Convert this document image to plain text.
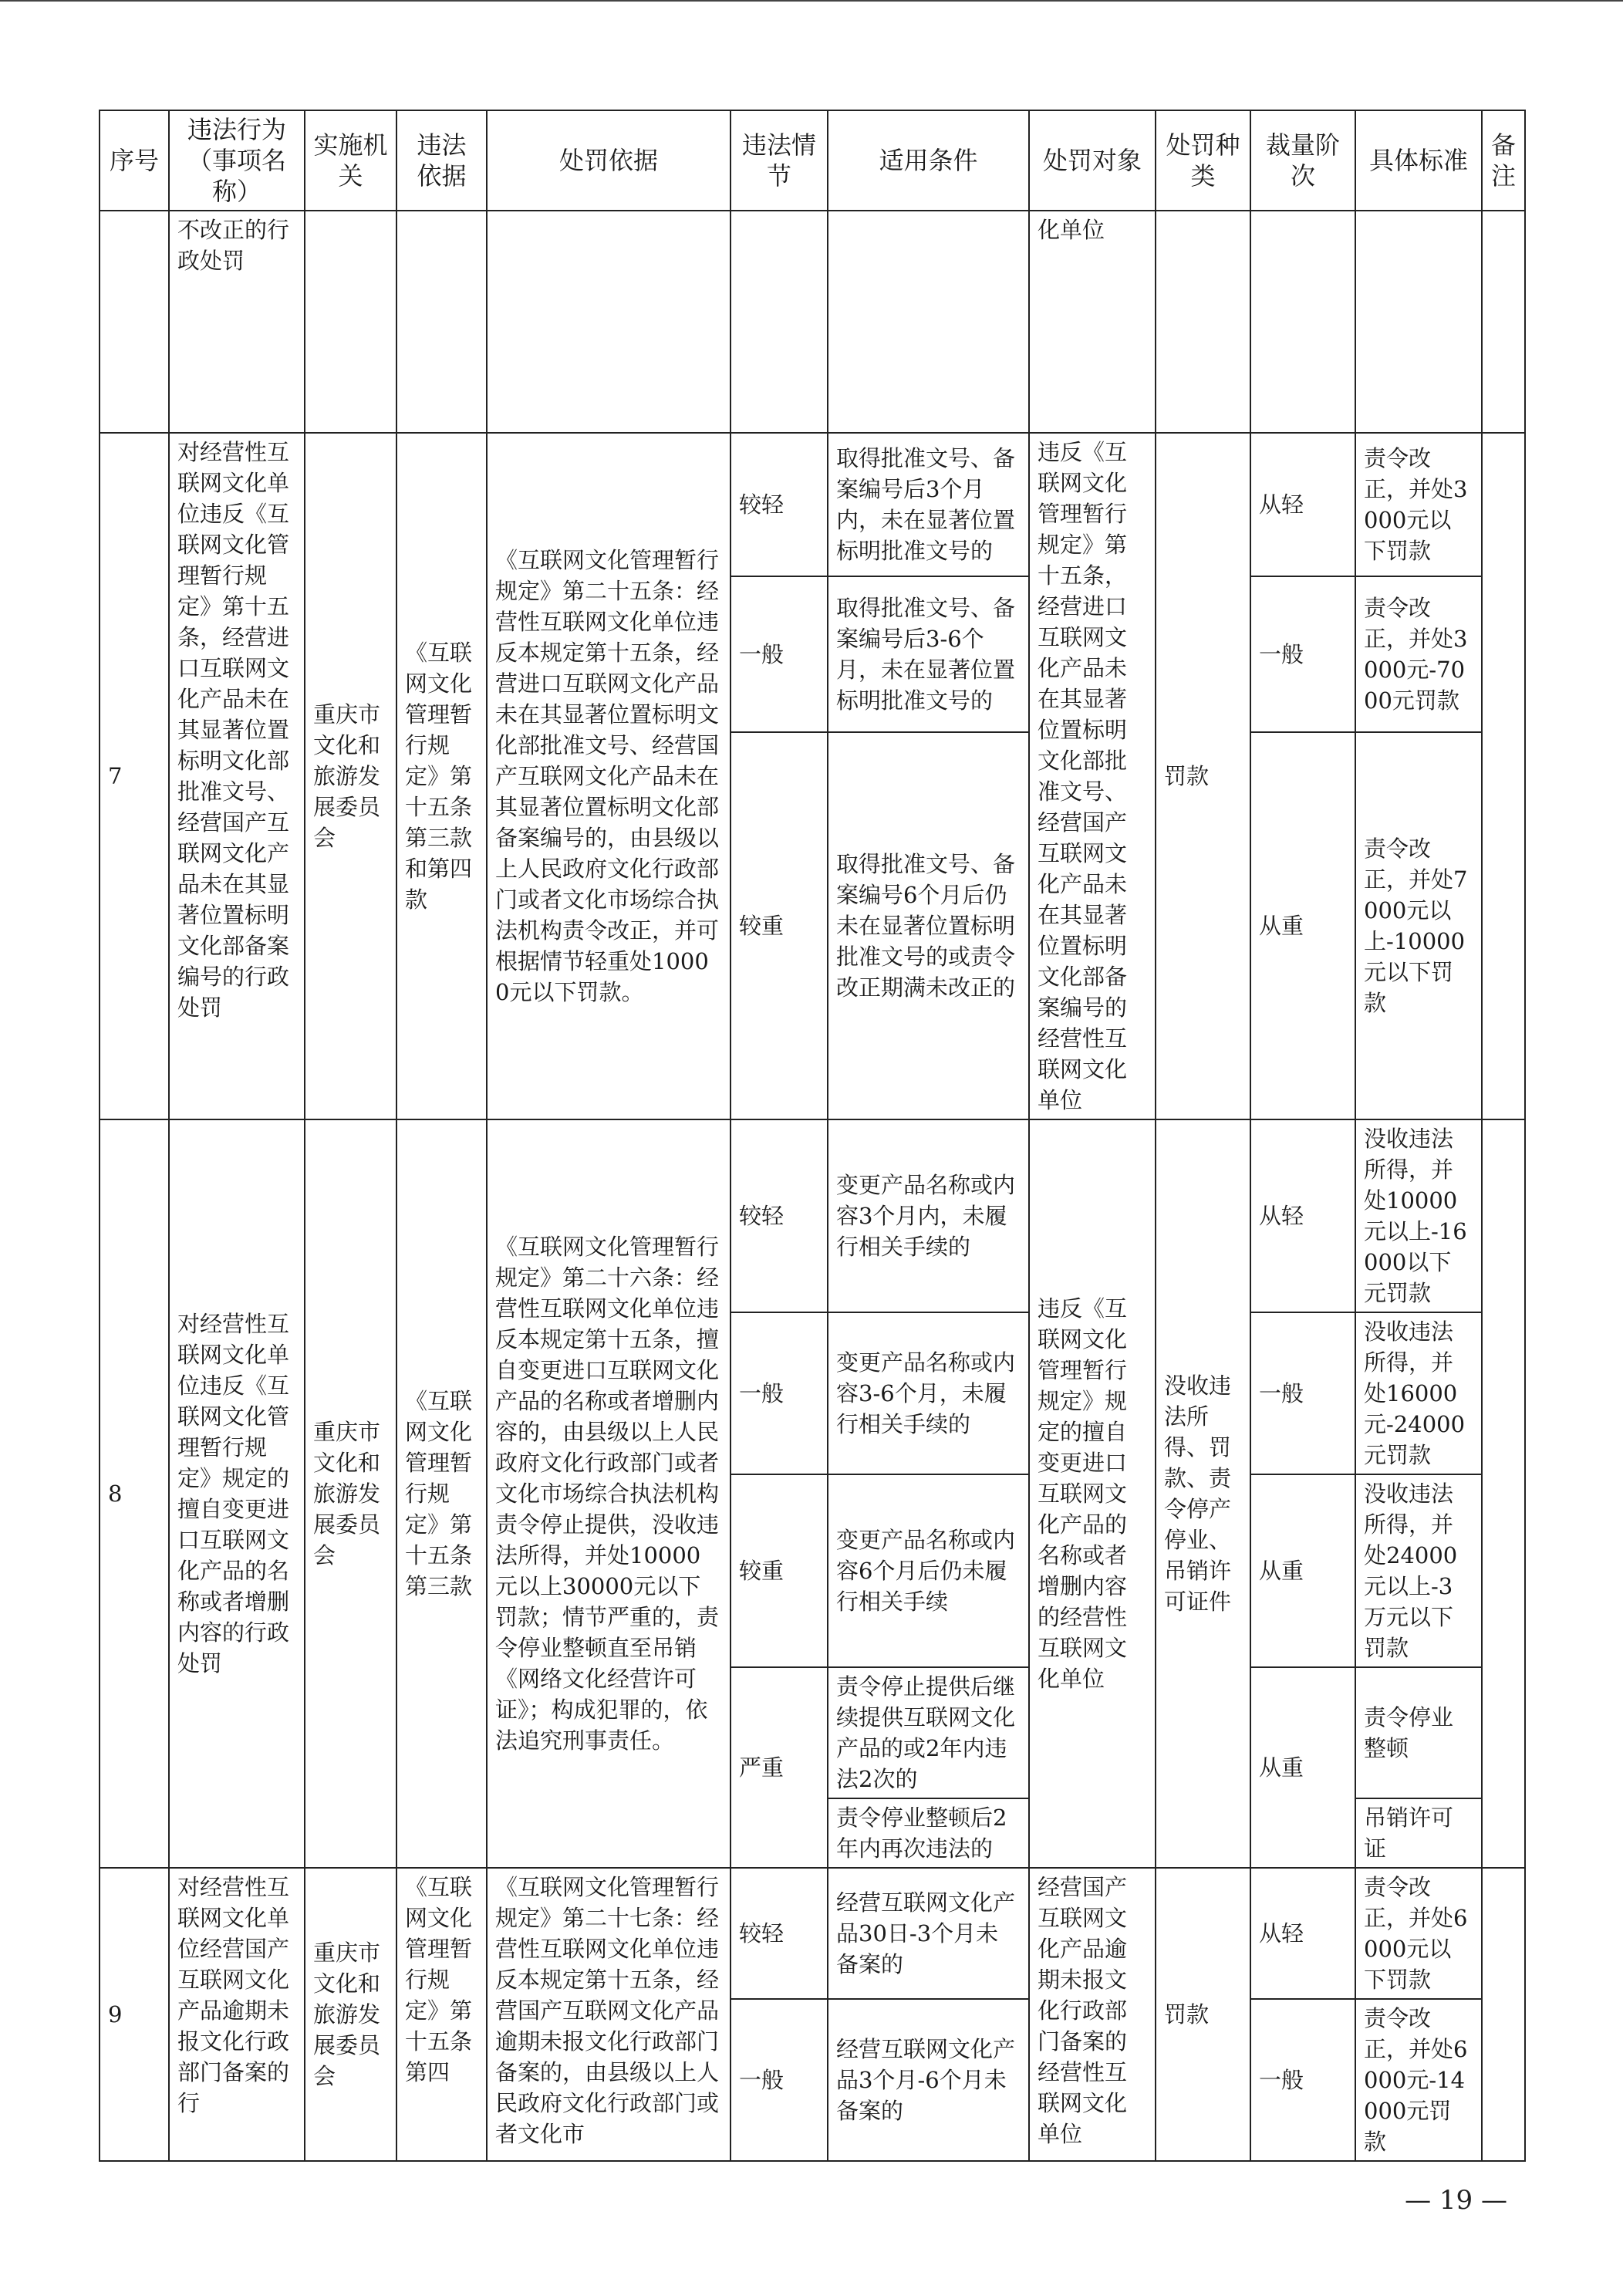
序号	违法行为（事项名称）	实施机关	违法依据	处罚依据	违法情节	适用条件	处罚对象	处罚种类	裁量阶次	具体标准	备注
	不改正的行政处罚						化单位				
7	对经营性互联网文化单位违反《互联网文化管理暂行规定》第十五条，经营进口互联网文化产品未在其显著位置标明文化部批准文号、经营国产互联网文化产品未在其显著位置标明文化部备案编号的行政处罚	重庆市文化和旅游发展委员会	《互联网文化管理暂行规定》第十五条第三款和第四款	《互联网文化管理暂行规定》第二十五条：经营性互联网文化单位违反本规定第十五条，经营进口互联网文化产品未在其显著位置标明文化部批准文号、经营国产互联网文化产品未在其显著位置标明文化部备案编号的，由县级以上人民政府文化行政部门或者文化市场综合执法机构责令改正，并可根据情节轻重处10000元以下罚款。	较轻	取得批准文号、备案编号后3个月内，未在显著位置标明批准文号的	违反《互联网文化管理暂行规定》第十五条，经营进口互联网文化产品未在其显著位置标明文化部批准文号、经营国产互联网文化产品未在其显著位置标明文化部备案编号的经营性互联网文化单位	罚款	从轻	责令改正，并处3000元以下罚款	
					一般	取得批准文号、备案编号后3-6个月，未在显著位置标明批准文号的			一般	责令改正，并处3000元-7000元罚款	
					较重	取得批准文号、备案编号6个月后仍未在显著位置标明批准文号的或责令改正期满未改正的			从重	责令改正，并处7000元以上-10000元以下罚款	
8	对经营性互联网文化单位违反《互联网文化管理暂行规定》规定的擅自变更进口互联网文化产品的名称或者增删内容的行政处罚	重庆市文化和旅游发展委员会	《互联网文化管理暂行规定》第十五条第三款	《互联网文化管理暂行规定》第二十六条：经营性互联网文化单位违反本规定第十五条，擅自变更进口互联网文化产品的名称或者增删内容的，由县级以上人民政府文化行政部门或者文化市场综合执法机构责令停止提供，没收违法所得，并处10000元以上30000元以下罚款；情节严重的，责令停业整顿直至吊销《网络文化经营许可证》；构成犯罪的，依法追究刑事责任。	较轻	变更产品名称或内容3个月内，未履行相关手续的	违反《互联网文化管理暂行规定》规定的擅自变更进口互联网文化产品的名称或者增删内容的经营性互联网文化单位	没收违法所得、罚款、责令停产停业、吊销许可证件	从轻	没收违法所得，并处10000元以上-16000以下元罚款	
					一般	变更产品名称或内容3-6个月，未履行相关手续的			一般	没收违法所得，并处16000元-24000元罚款	
					较重	变更产品名称或内容6个月后仍未履行相关手续			从重	没收违法所得，并处24000元以上-3万元以下罚款	
					严重	责令停止提供后继续提供互联网文化产品的或2年内违法2次的			从重	责令停业整顿	
						责令停业整顿后2年内再次违法的				吊销许可证	
9	对经营性互联网文化单位经营国产互联网文化产品逾期未报文化行政部门备案的行	重庆市文化和旅游发展委员会	《互联网文化管理暂行规定》第十五条第四	《互联网文化管理暂行规定》第二十七条：经营性互联网文化单位违反本规定第十五条，经营国产互联网文化产品逾期未报文化行政部门备案的，由县级以上人民政府文化行政部门或者文化市	较轻	经营互联网文化产品30日-3个月未备案的	经营国产互联网文化产品逾期未报文化行政部门备案的经营性互联网文化单位	罚款	从轻	责令改正，并处6000元以下罚款	
					一般	经营互联网文化产品3个月-6个月未备案的			一般	责令改正，并处6000元-14000元罚款	
— 19 —
